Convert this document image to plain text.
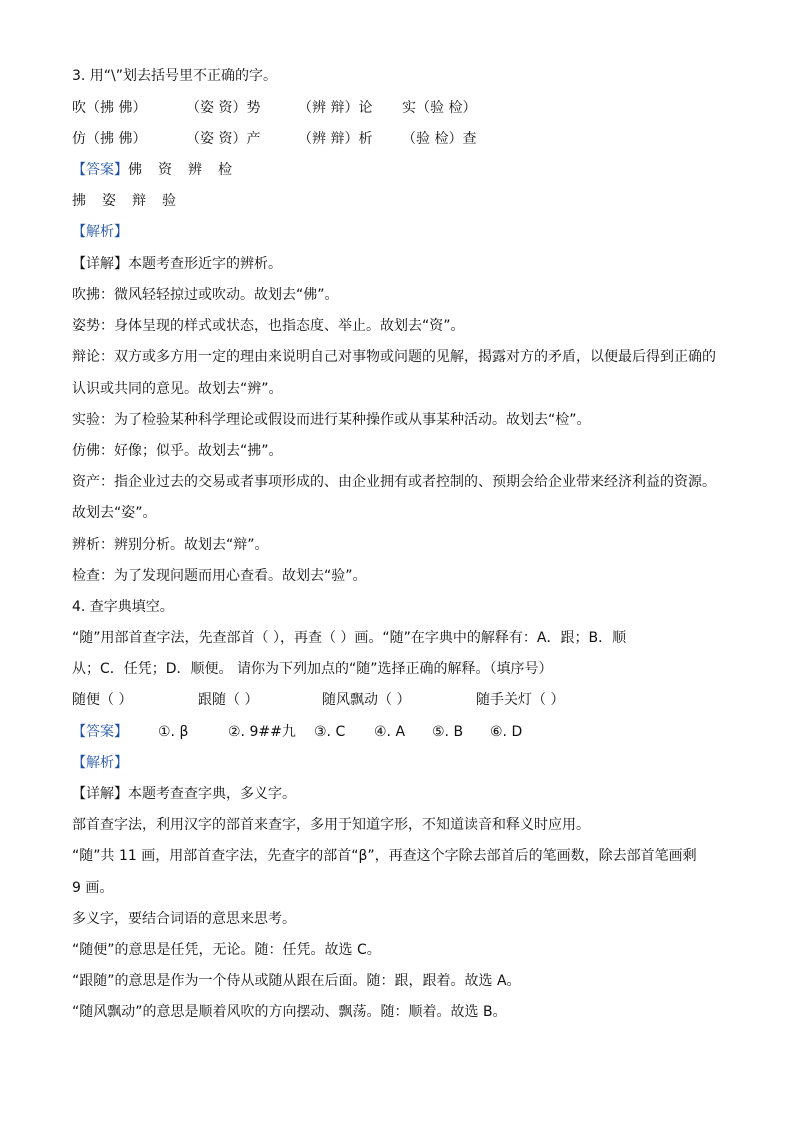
3. 用“\”划去括号里不正确的字。
吹（拂 佛）	（姿 资）势	（辨 辩）论 实（验 检）
仿（拂 佛）	（姿 资）产	（辨 辩）析 （验 检）查
【答案】佛 资 辨 检
拂 姿 辩 验
【解析】
【详解】本题考查形近字的辨析。
吹拂：微风轻轻掠过或吹动。故划去“佛”。
姿势：身体呈现的样式或状态，也指态度、举止。故划去“资”。
辩论：双方或多方用一定的理由来说明自己对事物或问题的见解，揭露对方的矛盾，以便最后得到正确的
认识或共同的意见。故划去“辨”。
实验：为了检验某种科学理论或假设而进行某种操作或从事某种活动。故划去“检”。
仿佛：好像；似乎。故划去“拂”。
资产：指企业过去的交易或者事项形成的、由企业拥有或者控制的、预期会给企业带来经济利益的资源。
故划去“姿”。
辨析：辨别分析。故划去“辩”。
检查：为了发现问题而用心查看。故划去“验”。
4. 查字典填空。
“随”用部首查字法，先查部首（ ），再查（ ）画。“随”在字典中的解释有：A．跟；B．顺
从；C．任凭；D．顺便。 请你为下列加点的“随”选择正确的解释。（填序号）
随便（ ）	跟随（ ）	随风飘动（ ）	随手关灯（ ）
【答案】 ①. β	②. 9##九 ③. C ④. A ⑤. B ⑥. D
【解析】
【详解】本题考查查字典，多义字。
部首查字法，利用汉字的部首来查字，多用于知道字形，不知道读音和释义时应用。
“随”共 11 画，用部首查字法，先查字的部首“β”，再查这个字除去部首后的笔画数，除去部首笔画剩
9 画。
多义字，要结合词语的意思来思考。
“随便”的意思是任凭，无论。随：任凭。故选 C。
“跟随”的意思是作为一个侍从或随从跟在后面。随：跟，跟着。故选 A。
“随风飘动”的意思是顺着风吹的方向摆动、飘荡。随：顺着。故选 B。
